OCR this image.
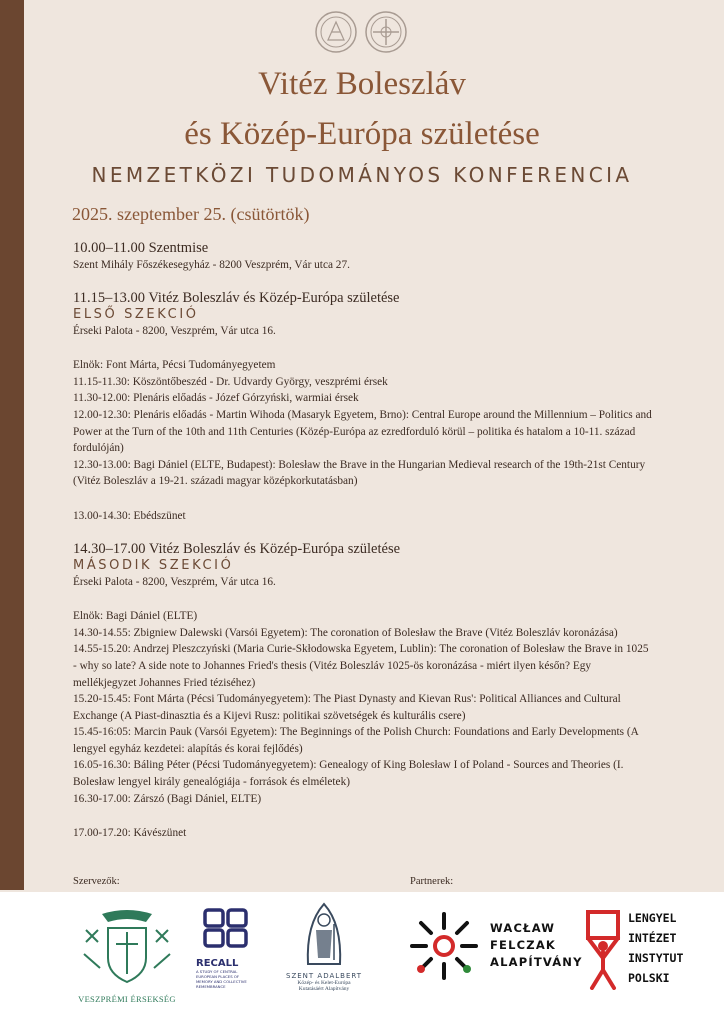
Vitéz Boleszláv
és Közép-Európa születése
NEMZETKÖZI TUDOMÁNYOS KONFERENCIA
2025. szeptember 25. (csütörtök)
10.00–11.00 Szentmise

Szent Mihály Főszékesegyház - 8200 Veszprém, Vár utca 27.

11.15–13.00 Vitéz Boleszláv és Közép-Európa születése
ELSŐ SZEKCIÓ

Érseki Palota - 8200, Veszprém, Vár utca 16.

Elnök: Font Márta, Pécsi Tudományegyetem

11.15-11.30: Köszöntőbeszéd - Dr. Udvardy György, veszprémi érsek

11.30-12.00: Plenáris előadás - Józef Górzyński, warmiai érsek

12.00-12.30: Plenáris előadás - Martin Wihoda (Masaryk Egyetem, Brno): Central Europe around the Millennium – Politics and Power at the Turn of the 10th and 11th Centuries (Közép-Európa az ezredforduló körül – politika és hatalom a 10-11. század fordulóján)

12.30-13.00: Bagi Dániel (ELTE, Budapest): Bolesław the Brave in the Hungarian Medieval research of the 19th-21st Century (Vitéz Boleszláv a 19-21. századi magyar középkorkutatásban)

13.00-14.30: Ebédszünet

14.30–17.00 Vitéz Boleszláv és Közép-Európa születése
MÁSODIK SZEKCIÓ

Érseki Palota - 8200, Veszprém, Vár utca 16.

Elnök: Bagi Dániel (ELTE)

14.30-14.55: Zbigniew Dalewski (Varsói Egyetem): The coronation of Bolesław the Brave (Vitéz Boleszláv koronázása)

14.55-15.20: Andrzej Pleszczyński (Maria Curie-Skłodowska Egyetem, Lublin): The coronation of Bolesław the Brave in 1025 - why so late? A side note to Johannes Fried's thesis (Vitéz Boleszláv 1025-ös koronázása - miért ilyen későn? Egy mellékjegyzet Johannes Fried téziséhez)

15.20-15.45: Font Márta (Pécsi Tudományegyetem): The Piast Dynasty and Kievan Rus': Political Alliances and Cultural Exchange (A Piast-dinasztia és a Kijevi Rusz: politikai szövetségek és kulturális csere)

15.45-16:05: Marcin Pauk (Varsói Egyetem): The Beginnings of the Polish Church: Foundations and Early Developments (A lengyel egyház kezdetei: alapítás és korai fejlődés)

16.05-16.30: Báling Péter (Pécsi Tudományegyetem): Genealogy of King Bolesław I of Poland - Sources and Theories (I. Bolesław lengyel király genealógiája - források és elméletek)

16.30-17.00: Zárszó (Bagi Dániel, ELTE)

17.00-17.20: Kávészünet

Szervezők:	Partnerek:
VESZPRÉMI ÉRSEKSÉG
RECALL
A STUDY OF CENTRAL EUROPEAN PLACES OF MEMORY AND COLLECTIVE REMEMBRANCE
SZENT ADALBERT
Közép- és Kelet-Európa
Kutatásáért Alapítvány
WACŁAW
FELCZAK
ALAPÍTVÁNY
LENGYEL
INTÉZET
INSTYTUT
POLSKI
